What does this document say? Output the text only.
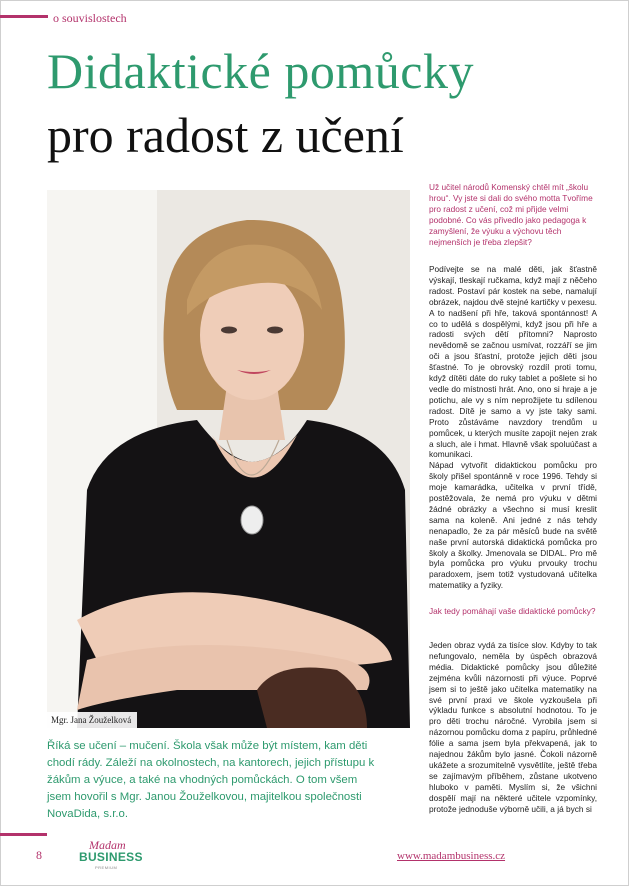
o souvislostech
Didaktické pomůcky
pro radost z učení
Mgr. Jana Žouželková
Říká se učení – mučení. Škola však může být místem, kam děti chodí rády. Záleží na okolnostech, na kantorech, jejich přístupu k žákům a výuce, a také na vhodných pomůckách. O tom všem jsem hovořil s Mgr. Janou Žouželkovou, majitelkou společnosti NovaDida, s.r.o.
Už učitel národů Komenský chtěl mít „školu hrou“. Vy jste si dali do svého motta Tvoříme pro radost z učení, což mi přijde velmi podobné. Co vás přivedlo jako pedagoga k zamyšlení, že výuku a výchovu těch nejmenších je třeba zlepšit?

Podívejte se na malé děti, jak šťastně výskají, tleskají ručkama, když mají z něčeho radost. Postaví pár kostek na sebe, namalují obrázek, najdou dvě stejné kartičky v pexesu. A to nadšení při hře, taková spontánnost! A co to udělá s dospělými, když jsou při hře a radosti svých dětí přítomni? Naprosto nevědomě se začnou usmívat, rozzáří se jim oči a jsou šťastní, protože jejich děti jsou šťastné. To je obrovský rozdíl proti tomu, když dítěti dáte do ruky tablet a pošlete si ho vedle do místnosti hrát. Ano, ono si hraje a je potichu, ale vy s ním neprožijete tu sdílenou radost. Dítě je samo a vy jste taky sami. Proto zůstáváme navzdory trendům u pomůcek, u kterých musíte zapojit nejen zrak a sluch, ale i hmat. Hlavně však spoluúčast a komunikaci.

Nápad vytvořit didaktickou pomůcku pro školy přišel spontánně v roce 1996. Tehdy si moje kamarádka, učitelka v první třídě, postěžovala, že nemá pro výuku v dětmi žádné obrázky a všechno si musí kreslit sama na koleně. Ani jedné z nás tehdy nenapadlo, že za pár měsíců bude na světě naše první autorská didaktická pomůcka pro školy a školky. Jmenovala se DIDAL. Pro mě byla pomůcka pro výuku prvouky trochu paradoxem, jsem totiž vystudovaná učitelka matematiky a fyziky.

Jak tedy pomáhají vaše didaktické pomůcky?

Jeden obraz vydá za tisíce slov. Kdyby to tak nefungovalo, neměla by úspěch obrazová média. Didaktické pomůcky jsou důležité zejména kvůli názornosti při výuce. Poprvé jsem si to ještě jako učitelka matematiky na své první praxi ve škole vyzkoušela při výkladu funkce s absolutní hodnotou. To je pro děti trochu náročné. Vyrobila jsem si názornou pomůcku doma z papíru, průhledné fólie a sama jsem byla překvapená, jak to najednou žákům bylo jasné. Čokoli názorně ukážete a srozumitelně vysvětlíte, ještě třeba se zajímavým příběhem, zůstane ukotveno hluboko v paměti. Myslím si, že všichni dospělí mají na některé učitele vzpomínky, protože jednoduše výborně učili, a já bych si

8
Madam
BUSINESS
PREMIUM
www.madambusiness.cz
